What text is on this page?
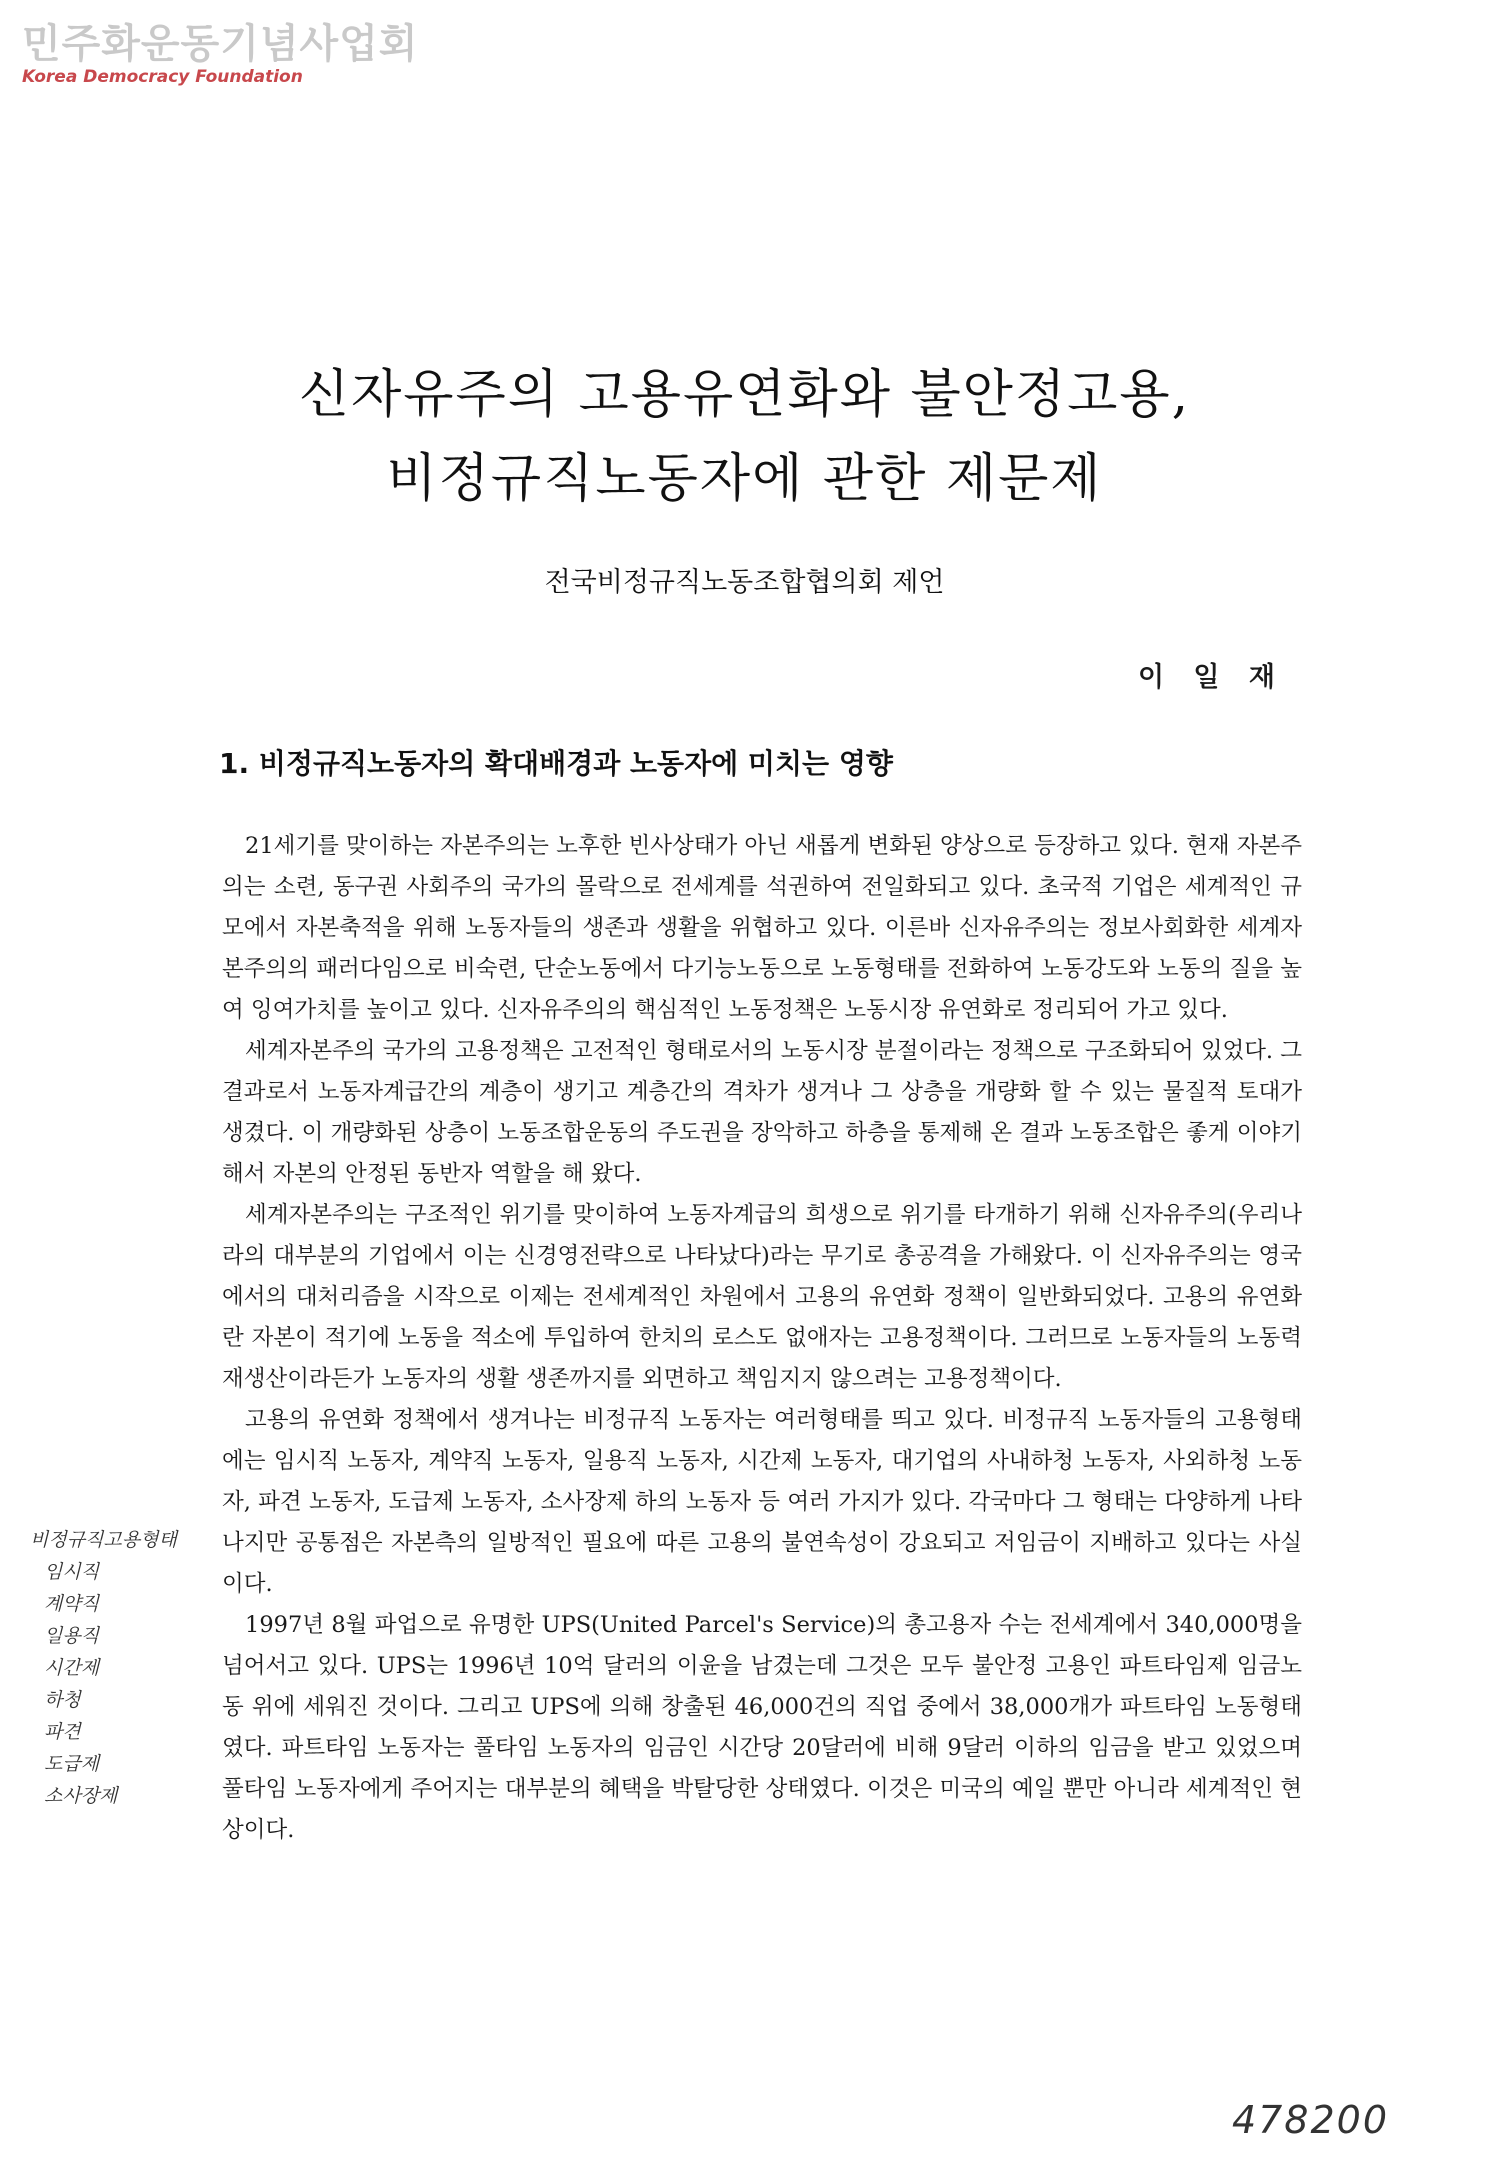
민주화운동기념사업회
Korea Democracy Foundation
신자유주의 고용유연화와 불안정고용,
비정규직노동자에 관한 제문제
전국비정규직노동조합협의회 제언
이 일 재
1. 비정규직노동자의 확대배경과 노동자에 미치는 영향

21세기를 맞이하는 자본주의는 노후한 빈사상태가 아닌 새롭게 변화된 양상으로 등장하고 있다. 현재 자본주의는 소련, 동구권 사회주의 국가의 몰락으로 전세계를 석권하여 전일화되고 있다. 초국적 기업은 세계적인 규모에서 자본축적을 위해 노동자들의 생존과 생활을 위협하고 있다. 이른바 신자유주의는 정보사회화한 세계자본주의의 패러다임으로 비숙련, 단순노동에서 다기능노동으로 노동형태를 전화하여 노동강도와 노동의 질을 높여 잉여가치를 높이고 있다. 신자유주의의 핵심적인 노동정책은 노동시장 유연화로 정리되어 가고 있다.

세계자본주의 국가의 고용정책은 고전적인 형태로서의 노동시장 분절이라는 정책으로 구조화되어 있었다. 그 결과로서 노동자계급간의 계층이 생기고 계층간의 격차가 생겨나 그 상층을 개량화 할 수 있는 물질적 토대가 생겼다. 이 개량화된 상층이 노동조합운동의 주도권을 장악하고 하층을 통제해 온 결과 노동조합은 좋게 이야기해서 자본의 안정된 동반자 역할을 해 왔다.

세계자본주의는 구조적인 위기를 맞이하여 노동자계급의 희생으로 위기를 타개하기 위해 신자유주의(우리나라의 대부분의 기업에서 이는 신경영전략으로 나타났다)라는 무기로 총공격을 가해왔다. 이 신자유주의는 영국에서의 대처리즘을 시작으로 이제는 전세계적인 차원에서 고용의 유연화 정책이 일반화되었다. 고용의 유연화란 자본이 적기에 노동을 적소에 투입하여 한치의 로스도 없애자는 고용정책이다. 그러므로 노동자들의 노동력 재생산이라든가 노동자의 생활 생존까지를 외면하고 책임지지 않으려는 고용정책이다.

고용의 유연화 정책에서 생겨나는 비정규직 노동자는 여러형태를 띄고 있다. 비정규직 노동자들의 고용형태에는 임시직 노동자, 계약직 노동자, 일용직 노동자, 시간제 노동자, 대기업의 사내하청 노동자, 사외하청 노동자, 파견 노동자, 도급제 노동자, 소사장제 하의 노동자 등 여러 가지가 있다. 각국마다 그 형태는 다양하게 나타나지만 공통점은 자본측의 일방적인 필요에 따른 고용의 불연속성이 강요되고 저임금이 지배하고 있다는 사실이다.

1997년 8월 파업으로 유명한 UPS(United Parcel's Service)의 총고용자 수는 전세계에서 340,000명을 넘어서고 있다. UPS는 1996년 10억 달러의 이윤을 남겼는데 그것은 모두 불안정 고용인 파트타임제 임금노동 위에 세워진 것이다. 그리고 UPS에 의해 창출된 46,000건의 직업 중에서 38,000개가 파트타임 노동형태였다. 파트타임 노동자는 풀타임 노동자의 임금인 시간당 20달러에 비해 9달러 이하의 임금을 받고 있었으며 풀타임 노동자에게 주어지는 대부분의 혜택을 박탈당한 상태였다. 이것은 미국의 예일 뿐만 아니라 세계적인 현상이다.

비정규직고용형태
임시직
계약직
일용직
시간제
하청
파견
도급제
소사장제
478200
